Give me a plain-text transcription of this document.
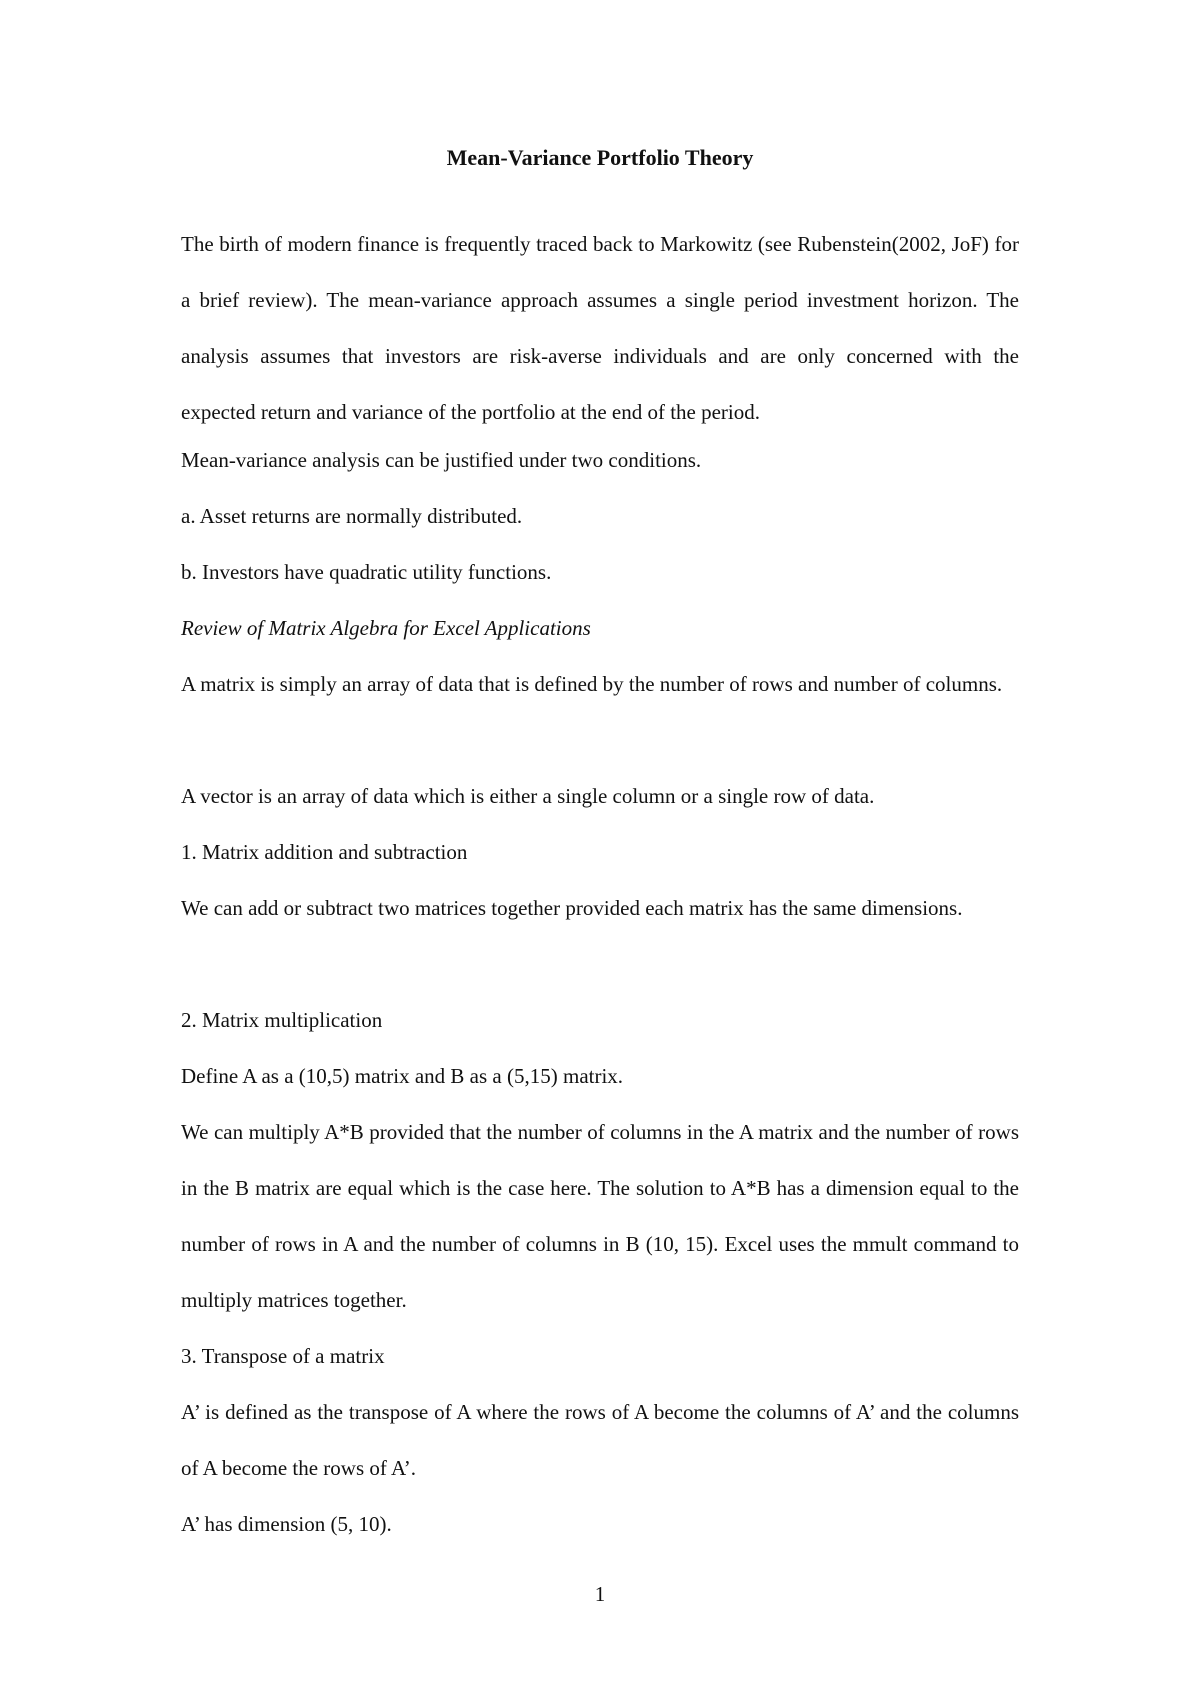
Mean-Variance Portfolio Theory

The birth of modern finance is frequently traced back to Markowitz (see Rubenstein(2002, JoF) for a brief review). The mean-variance approach assumes a single period investment horizon. The analysis assumes that investors are risk-averse individuals and are only concerned with the expected return and variance of the portfolio at the end of the period.

Mean-variance analysis can be justified under two conditions.

a. Asset returns are normally distributed.

b. Investors have quadratic utility functions.

Review of Matrix Algebra for Excel Applications

A matrix is simply an array of data that is defined by the number of rows and number of columns.

A vector is an array of data which is either a single column or a single row of data.

1. Matrix addition and subtraction

We can add or subtract two matrices together provided each matrix has the same dimensions.

2. Matrix multiplication

Define A as a (10,5) matrix and B as a (5,15) matrix.

We can multiply A*B provided that the number of columns in the A matrix and the number of rows in the B matrix are equal which is the case here. The solution to A*B has a dimension equal to the number of rows in A and the number of columns in B (10, 15). Excel uses the mmult command to multiply matrices together.

3. Transpose of a matrix

A’ is defined as the transpose of A where the rows of A become the columns of A’ and the columns of A become the rows of A’.

A’ has dimension (5, 10).

1
